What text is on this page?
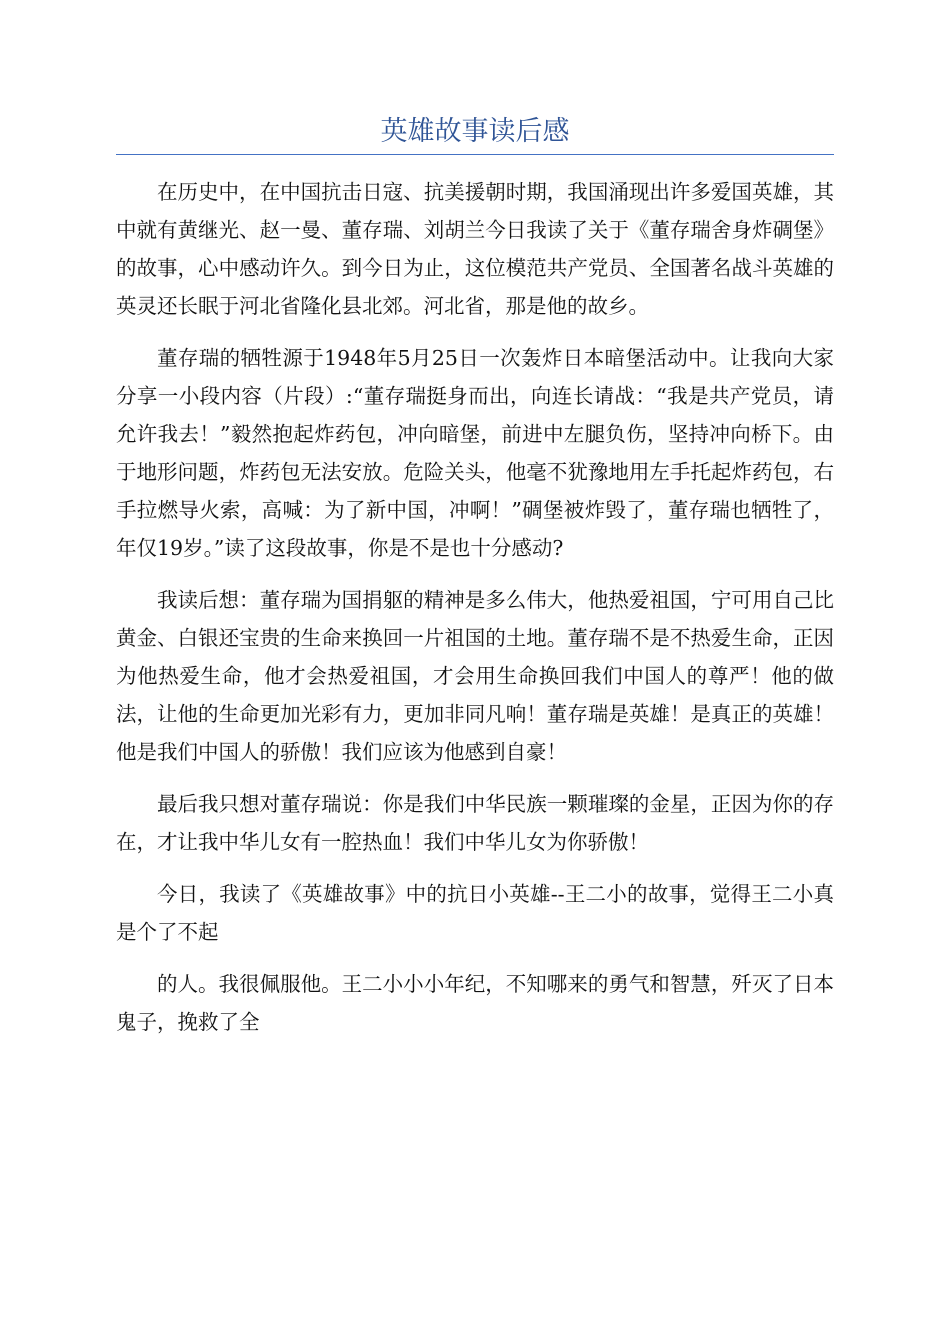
英雄故事读后感

在历史中，在中国抗击日寇、抗美援朝时期，我国涌现出许多爱国英雄，其中就有黄继光、赵一曼、董存瑞、刘胡兰今日我读了关于《董存瑞舍身炸碉堡》的故事，心中感动许久。到今日为止，这位模范共产党员、全国著名战斗英雄的英灵还长眠于河北省隆化县北郊。河北省，那是他的故乡。

董存瑞的牺牲源于1948年5月25日一次轰炸日本暗堡活动中。让我向大家分享一小段内容（片段）:“董存瑞挺身而出，向连长请战：“我是共产党员，请允许我去！”毅然抱起炸药包，冲向暗堡，前进中左腿负伤，坚持冲向桥下。由于地形问题，炸药包无法安放。危险关头，他毫不犹豫地用左手托起炸药包，右手拉燃导火索，高喊：为了新中国，冲啊！”碉堡被炸毁了，董存瑞也牺牲了，年仅19岁。”读了这段故事，你是不是也十分感动?

我读后想：董存瑞为国捐躯的精神是多么伟大，他热爱祖国，宁可用自己比黄金、白银还宝贵的生命来换回一片祖国的土地。董存瑞不是不热爱生命，正因为他热爱生命，他才会热爱祖国，才会用生命换回我们中国人的尊严！他的做法，让他的生命更加光彩有力，更加非同凡响！董存瑞是英雄！是真正的英雄！他是我们中国人的骄傲！我们应该为他感到自豪！

最后我只想对董存瑞说：你是我们中华民族一颗璀璨的金星，正因为你的存在，才让我中华儿女有一腔热血！我们中华儿女为你骄傲！

今日，我读了《英雄故事》中的抗日小英雄--王二小的故事，觉得王二小真是个了不起

的人。我很佩服他。王二小小小年纪，不知哪来的勇气和智慧，歼灭了日本鬼子，挽救了全
